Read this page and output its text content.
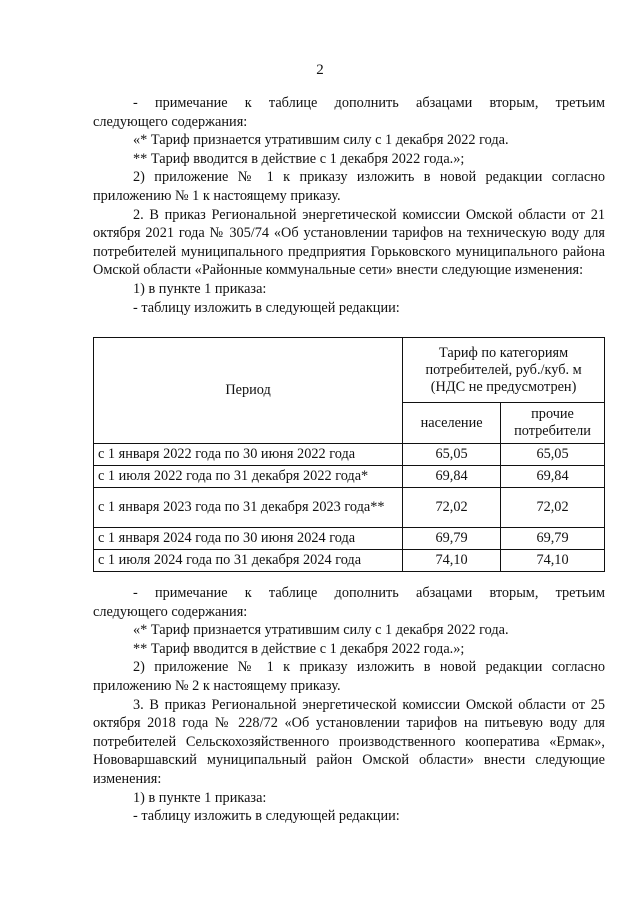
2

- примечание к таблице дополнить абзацами вторым, третьим

следующего содержания:

«* Тариф признается утратившим силу с 1 декабря 2022 года.

** Тариф вводится в действие с 1 декабря 2022 года.»;

2) приложение № 1 к приказу изложить в новой редакции согласно

приложению № 1 к настоящему приказу.

2. В приказ Региональной энергетической комиссии Омской области от 21 октября 2021 года № 305/74 «Об установлении тарифов на техническую воду для потребителей муниципального предприятия Горьковского муниципального района Омской области «Районные коммунальные сети» внести следующие изменения:

1) в пункте 1 приказа:

- таблицу изложить в следующей редакции:

Период	Тариф по категориям потребителей, руб./куб. м (НДС не предусмотрен)	
	население	прочие потребители
с 1 января 2022 года по 30 июня 2022 года	65,05	65,05
с 1 июля 2022 года по 31 декабря 2022 года*	69,84	69,84
с 1 января 2023 года по 31 декабря 2023 года**	72,02	72,02
с 1 января 2024 года по 30 июня 2024 года	69,79	69,79
с 1 июля 2024 года по 31 декабря 2024 года	74,10	74,10

- примечание к таблице дополнить абзацами вторым, третьим

следующего содержания:

«* Тариф признается утратившим силу с 1 декабря 2022 года.

** Тариф вводится в действие с 1 декабря 2022 года.»;

2) приложение № 1 к приказу изложить в новой редакции согласно

приложению № 2 к настоящему приказу.

3. В приказ Региональной энергетической комиссии Омской области от 25 октября 2018 года № 228/72 «Об установлении тарифов на питьевую воду для потребителей Сельскохозяйственного производственного кооператива «Ермак», Нововаршавский муниципальный район Омской области» внести следующие изменения:

1) в пункте 1 приказа:

- таблицу изложить в следующей редакции:
